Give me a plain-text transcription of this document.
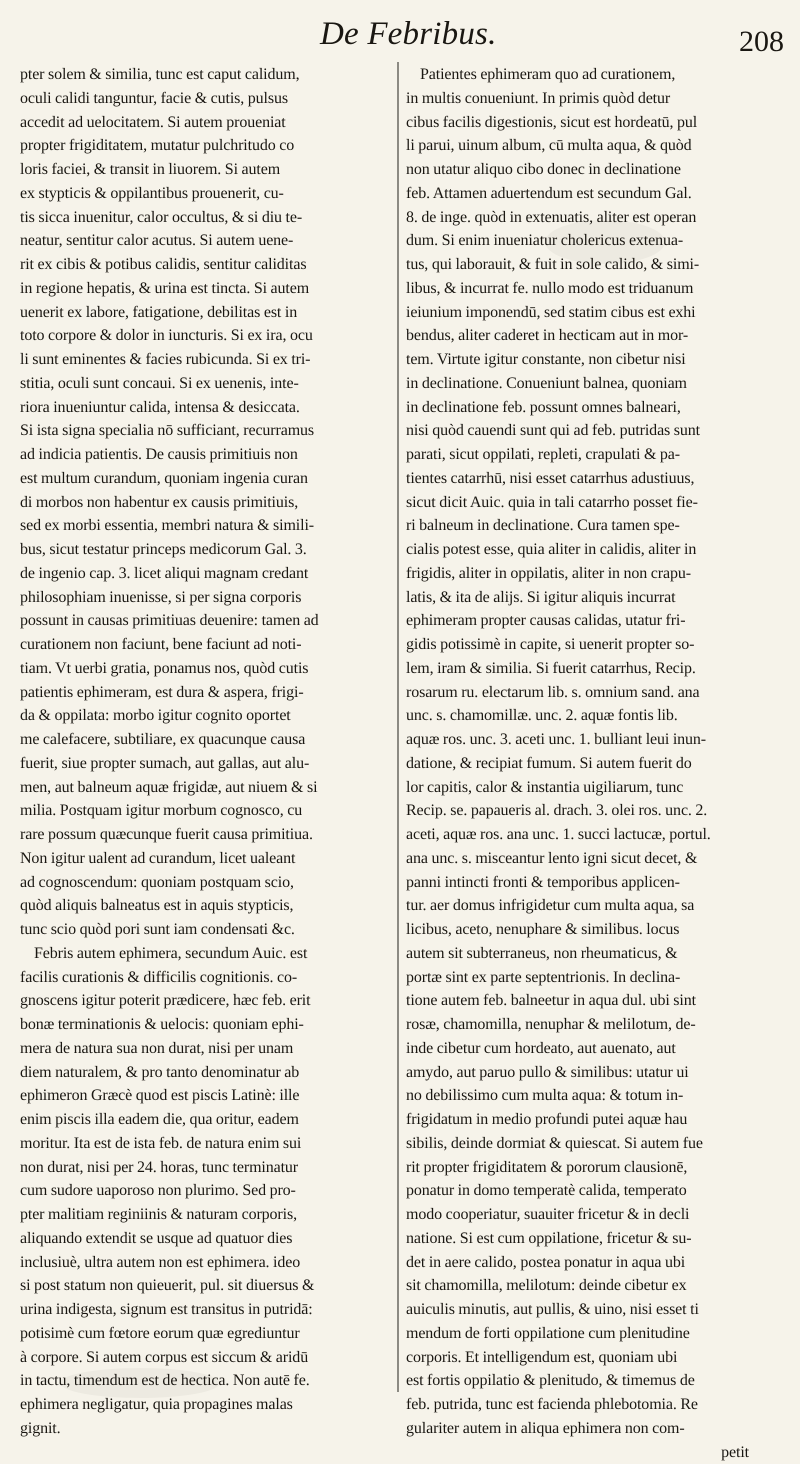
De Febribus.	208
pter solem & similia, tunc est caput calidum,
oculi calidi tanguntur, facie & cutis, pulsus
accedit ad uelocitatem. Si autem proueniat
propter frigiditatem, mutatur pulchritudo co
loris faciei, & transit in liuorem. Si autem
ex stypticis & oppilantibus prouenerit, cu-
tis sicca inuenitur, calor occultus, & si diu te-
neatur, sentitur calor acutus. Si autem uene-
rit ex cibis & potibus calidis, sentitur caliditas
in regione hepatis, & urina est tincta. Si autem
uenerit ex labore, fatigatione, debilitas est in
toto corpore & dolor in iuncturis. Si ex ira, ocu
li sunt eminentes & facies rubicunda. Si ex tri-
stitia, oculi sunt concaui. Si ex uenenis, inte-
riora inueniuntur calida, intensa & desiccata.
Si ista signa specialia nō sufficiant, recurramus
ad indicia patientis. De causis primitiuis non
est multum curandum, quoniam ingenia curan
di morbos non habentur ex causis primitiuis,
sed ex morbi essentia, membri natura & simili-
bus, sicut testatur princeps medicorum Gal. 3.
de ingenio cap. 3. licet aliqui magnam credant
philosophiam inuenisse, si per signa corporis
possunt in causas primitiuas deuenire: tamen ad
curationem non faciunt, bene faciunt ad noti-
tiam. Vt uerbi gratia, ponamus nos, quòd cutis
patientis ephimeram, est dura & aspera, frigi-
da & oppilata: morbo igitur cognito oportet
me calefacere, subtiliare, ex quacunque causa
fuerit, siue propter sumach, aut gallas, aut alu-
men, aut balneum aquæ frigidæ, aut niuem & si
milia. Postquam igitur morbum cognosco, cu
rare possum quæcunque fuerit causa primitiua.
Non igitur ualent ad curandum, licet ualeant
ad cognoscendum: quoniam postquam scio,
quòd aliquis balneatus est in aquis stypticis,
tunc scio quòd pori sunt iam condensati &c.
Febris autem ephimera, secundum Auic. est
facilis curationis & difficilis cognitionis. co-
gnoscens igitur poterit prædicere, hæc feb. erit
bonæ terminationis & uelocis: quoniam ephi-
mera de natura sua non durat, nisi per unam
diem naturalem, & pro tanto denominatur ab
ephimeron Græcè quod est piscis Latinè: ille
enim piscis illa eadem die, qua oritur, eadem
moritur. Ita est de ista feb. de natura enim sui
non durat, nisi per 24. horas, tunc terminatur
cum sudore uaporoso non plurimo. Sed pro-
pter malitiam reginiinis & naturam corporis,
aliquando extendit se usque ad quatuor dies
inclusiuè, ultra autem non est ephimera. ideo
si post statum non quieuerit, pul. sit diuersus &
urina indigesta, signum est transitus in putridā:
potisimè cum fœtore eorum quæ egrediuntur
à corpore. Si autem corpus est siccum & aridū
in tactu, timendum est de hectica. Non autē fe.
ephimera negligatur, quia propagines malas
gignit.
Patientes ephimeram quo ad curationem,
in multis conueniunt. In primis quòd detur
cibus facilis digestionis, sicut est hordeatū, pul
li parui, uinum album, cū multa aqua, & quòd
non utatur aliquo cibo donec in declinatione
feb. Attamen aduertendum est secundum Gal.
8. de inge. quòd in extenuatis, aliter est operan
dum. Si enim inueniatur cholericus extenua-
tus, qui laborauit, & fuit in sole calido, & simi-
libus, & incurrat fe. nullo modo est triduanum
ieiunium imponendū, sed statim cibus est exhi
bendus, aliter caderet in hecticam aut in mor-
tem. Virtute igitur constante, non cibetur nisi
in declinatione. Conueniunt balnea, quoniam
in declinatione feb. possunt omnes balneari,
nisi quòd cauendi sunt qui ad feb. putridas sunt
parati, sicut oppilati, repleti, crapulati & pa-
tientes catarrhū, nisi esset catarrhus adustiuus,
sicut dicit Auic. quia in tali catarrho posset fie-
ri balneum in declinatione. Cura tamen spe-
cialis potest esse, quia aliter in calidis, aliter in
frigidis, aliter in oppilatis, aliter in non crapu-
latis, & ita de alijs. Si igitur aliquis incurrat
ephimeram propter causas calidas, utatur fri-
gidis potissimè in capite, si uenerit propter so-
lem, iram & similia. Si fuerit catarrhus, Recip.
rosarum ru. electarum lib. s. omnium sand. ana
unc. s. chamomillæ. unc. 2. aquæ fontis lib.
aquæ ros. unc. 3. aceti unc. 1. bulliant leui inun-
datione, & recipiat fumum. Si autem fuerit do
lor capitis, calor & instantia uigiliarum, tunc
Recip. se. papaueris al. drach. 3. olei ros. unc. 2.
aceti, aquæ ros. ana unc. 1. succi lactucæ, portul.
ana unc. s. misceantur lento igni sicut decet, &
panni intincti fronti & temporibus applicen-
tur. aer domus infrigidetur cum multa aqua, sa
licibus, aceto, nenuphare & similibus. locus
autem sit subterraneus, non rheumaticus, &
portæ sint ex parte septentrionis. In declina-
tione autem feb. balneetur in aqua dul. ubi sint
rosæ, chamomilla, nenuphar & melilotum, de-
inde cibetur cum hordeato, aut auenato, aut
amydo, aut paruo pullo & similibus: utatur ui
no debilissimo cum multa aqua: & totum in-
frigidatum in medio profundi putei aquæ hau
sibilis, deinde dormiat & quiescat. Si autem fue
rit propter frigiditatem & pororum clausionē,
ponatur in domo temperatè calida, temperato
modo cooperiatur, suauiter fricetur & in decli
natione. Si est cum oppilatione, fricetur & su-
det in aere calido, postea ponatur in aqua ubi
sit chamomilla, melilotum: deinde cibetur ex
auiculis minutis, aut pullis, & uino, nisi esset ti
mendum de forti oppilatione cum plenitudine
corporis. Et intelligendum est, quoniam ubi
est fortis oppilatio & plenitudo, & timemus de
feb. putrida, tunc est facienda phlebotomia. Re
gulariter autem in aliqua ephimera non com-
petit
